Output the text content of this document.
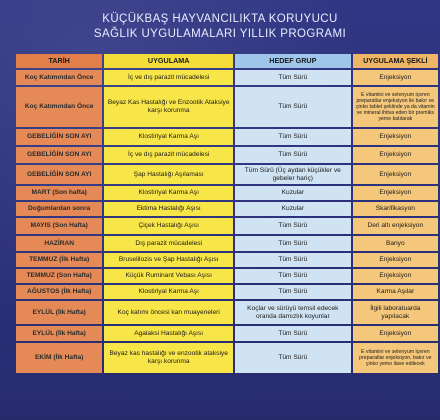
KÜÇÜKBAŞ HAYVANCILIKTA KORUYUCU
SAĞLIK UYGULAMALARI YILLIK PROGRAMI
TARİH	UYGULAMA	HEDEF GRUP	UYGULAMA ŞEKLİ
Koç Katımından Önce	İç ve dış parazit mücadelesi	Tüm Sürü	Enjeksiyon
Koç Katımından Önce	Beyaz Kas Hastalığı ve Enzootik Ataksiye karşı korunma	Tüm Sürü	E vitamini ve selenyum içeren preparatlar enjeksiyon ile bakır ve çinko tablet şeklinde ya da vitamin ve mineral ihtiva eden bir premiks yeme katılarak
GEBELİĞİN SON AYI	Klostiriyal Karma Aşı	Tüm Sürü	Enjeksiyon
GEBELİĞİN SON AYI	İç ve dış parazit mücadelesi	Tüm Sürü	Enjeksiyon
GEBELİĞİN SON AYI	Şap Hastalığı Aşılaması	Tüm Sürü (Üç aydan küçükler ve gebeler hariç)	Enjeksiyon
MART (Son hafta)	Klostiriyal Karma Aşı	Kuzular	Enjeksiyon
Doğumlardan sonra	Ektima Hastalığı Aşısı	Kuzular	Skarifikasyon
MAYIS (Son Hafta)	Çiçek Hastalığı Aşısı	Tüm Sürü	Deri altı enjeksiyon
HAZİRAN	Dış parazit mücadelesi	Tüm Sürü	Banyo
TEMMUZ (İlk Hafta)	Bruselilozis ve Şap Hastalığı Aşısı	Tüm Sürü	Enjeksiyon
TEMMUZ (Son Hafta)	Küçük Ruminant Vebası Aşısı	Tüm Sürü	Enjeksiyon
AĞUSTOS (İlk Hafta)	Klostiriyal Karma Aşı	Tüm Sürü	Karma Aşılar
EYLÜL (İlk Hafta)	Koç katımı öncesi kan muayeneleri	Koçlar ve sürüyü temsil edecek oranda damızlık koyunlar	İlgili laboratuarda yapılacak
EYLÜL (İlk Hafta)	Agalaksi Hastalığı Aşısı	Tüm Sürü	Enjeksiyon
EKİM (İlk Hafta)	Beyaz kas hastalığı ve enzootik ataksiye karşı korunma	Tüm Sürü	E vitamini ve selenyum içeren preparatlar enjeksiyon, bakır ve çinko yemo ilave edilecek
